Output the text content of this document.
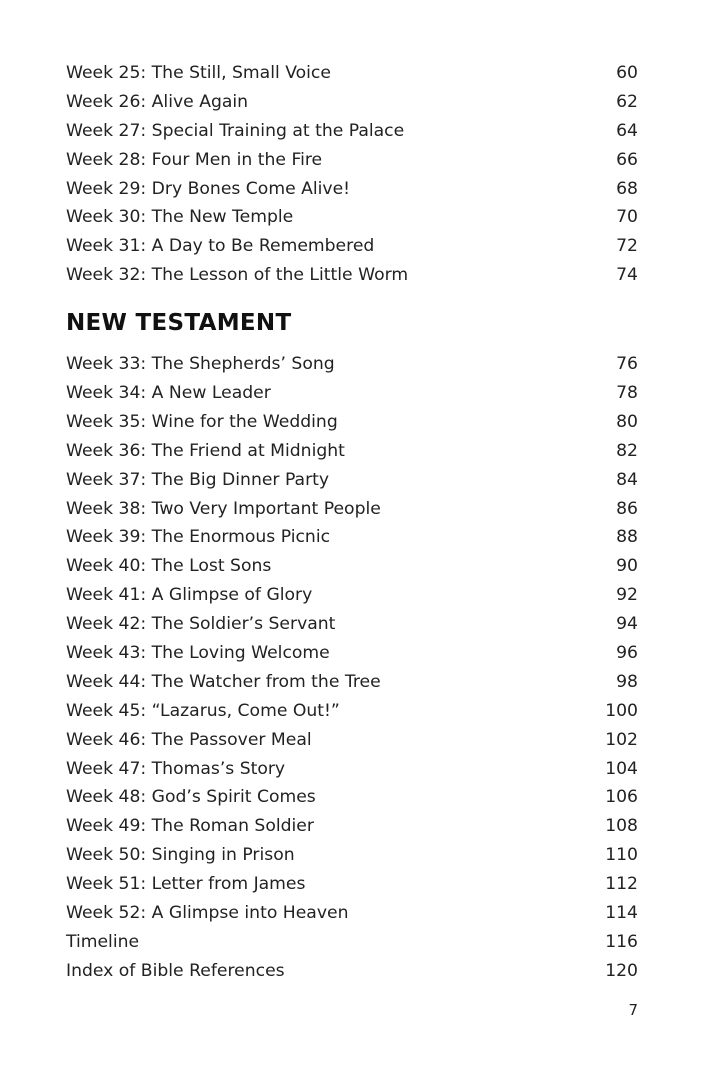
Week 25: The Still, Small Voice	60
Week 26: Alive Again	62
Week 27: Special Training at the Palace	64
Week 28: Four Men in the Fire	66
Week 29: Dry Bones Come Alive!	68
Week 30: The New Temple	70
Week 31: A Day to Be Remembered	72
Week 32: The Lesson of the Little Worm	74
NEW TESTAMENT
Week 33: The Shepherds’ Song	76
Week 34: A New Leader	78
Week 35: Wine for the Wedding	80
Week 36: The Friend at Midnight	82
Week 37: The Big Dinner Party	84
Week 38: Two Very Important People	86
Week 39: The Enormous Picnic	88
Week 40: The Lost Sons	90
Week 41: A Glimpse of Glory	92
Week 42: The Soldier’s Servant	94
Week 43: The Loving Welcome	96
Week 44: The Watcher from the Tree	98
Week 45: “Lazarus, Come Out!”	100
Week 46: The Passover Meal	102
Week 47: Thomas’s Story	104
Week 48: God’s Spirit Comes	106
Week 49: The Roman Soldier	108
Week 50: Singing in Prison	110
Week 51: Letter from James	112
Week 52: A Glimpse into Heaven	114
Timeline	116
Index of Bible References	120
7
